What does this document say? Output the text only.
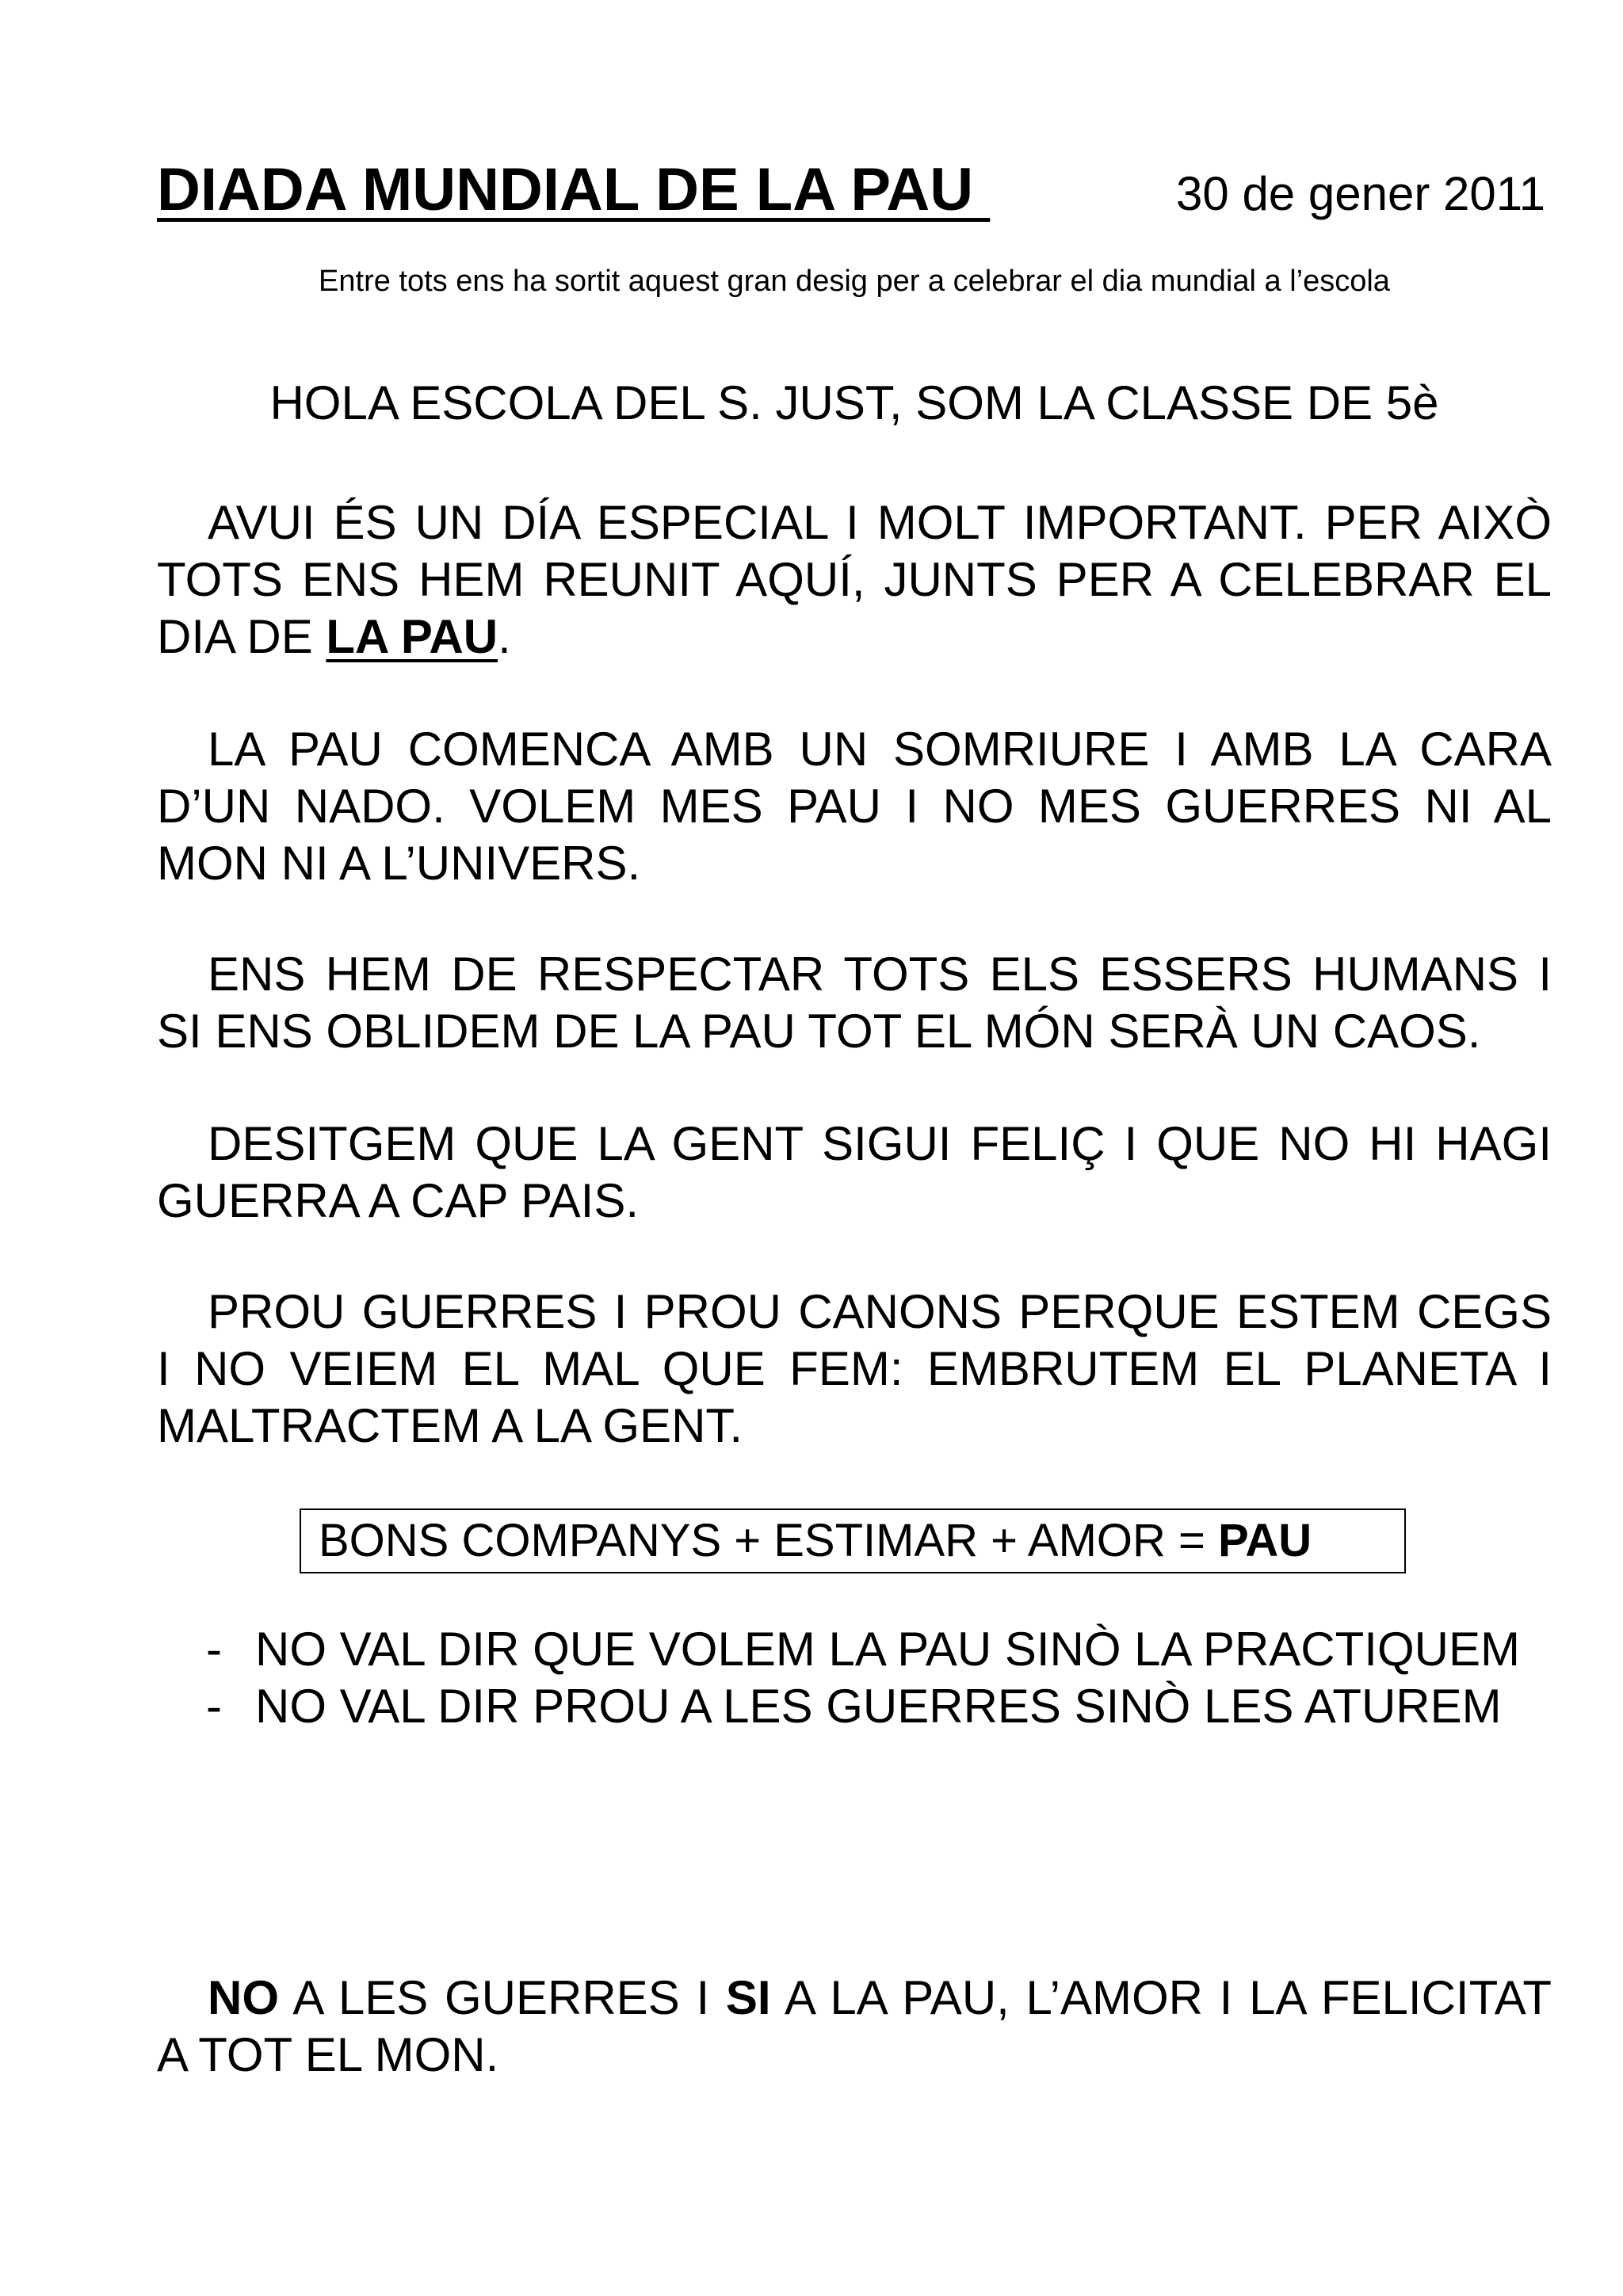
DIADA MUNDIAL DE LA PAU	30 de gener 2011
Entre tots ens ha sortit aquest gran desig per a celebrar el dia mundial a l’escola
HOLA ESCOLA DEL S. JUST, SOM LA CLASSE DE 5è

AVUI ÉS UN DÍA ESPECIAL I MOLT IMPORTANT. PER AIXÒ TOTS ENS HEM REUNIT AQUÍ, JUNTS PER A CELEBRAR EL DIA DE LA PAU.

LA PAU COMENCA AMB UN SOMRIURE I AMB LA CARA D’UN NADO. VOLEM MES PAU I NO MES GUERRES NI AL MON NI A L’UNIVERS.

ENS HEM DE RESPECTAR TOTS ELS ESSERS HUMANS I SI ENS OBLIDEM DE LA PAU TOT EL MÓN SERÀ UN CAOS.

DESITGEM QUE LA GENT SIGUI FELIÇ I QUE NO HI HAGI GUERRA A CAP PAIS.

PROU GUERRES I PROU CANONS PERQUE ESTEM CEGS I NO VEIEM EL MAL QUE FEM: EMBRUTEM EL PLANETA I MALTRACTEM A LA GENT.

BONS COMPANYS + ESTIMAR + AMOR = PAU
- NO VAL DIR QUE VOLEM LA PAU SINÒ LA PRACTIQUEM
- NO VAL DIR PROU A LES GUERRES SINÒ LES ATUREM

NO A LES GUERRES I SI A LA PAU, L’AMOR I LA FELICITAT A TOT EL MON.
